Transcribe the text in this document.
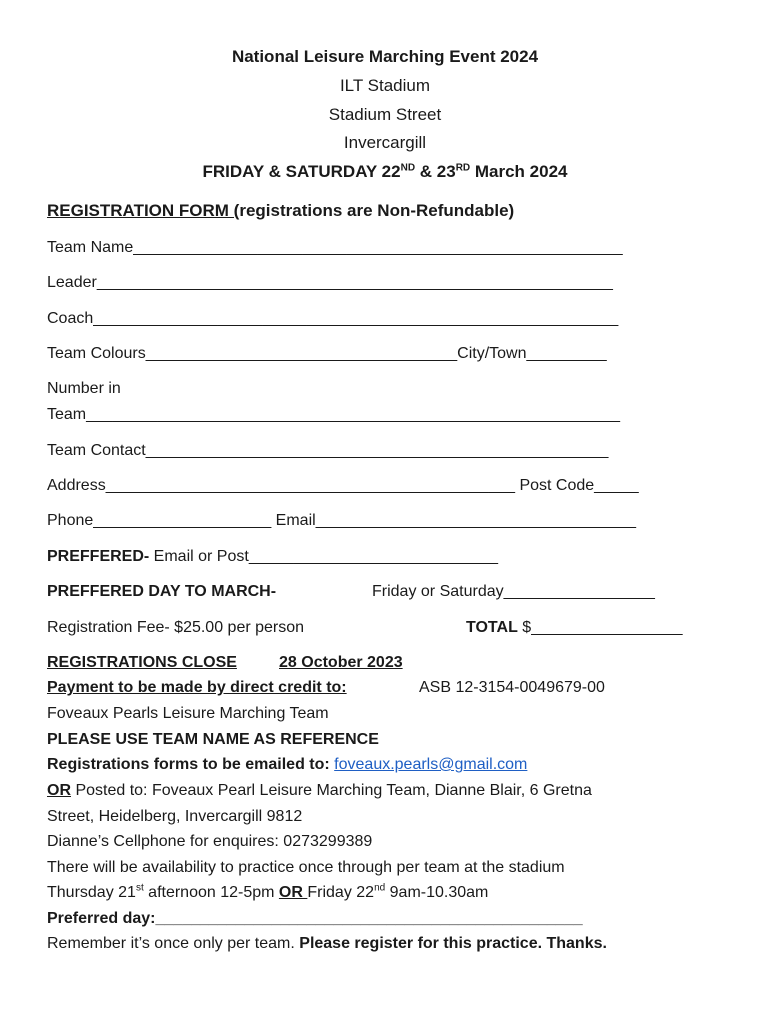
National Leisure Marching Event 2024
ILT Stadium
Stadium Street
Invercargill
FRIDAY & SATURDAY 22ND & 23RD March 2024
REGISTRATION FORM (registrations are Non-Refundable)
Team Name_______________________________________________________
Leader__________________________________________________________
Coach___________________________________________________________
Team Colours___________________________________City/Town_________
Number in
Team____________________________________________________________
Team Contact____________________________________________________
Address______________________________________________ Post Code_____
Phone____________________ Email____________________________________
PREFFERED- Email or Post____________________________
PREFFERED DAY TO MARCH-	Friday or Saturday_________________
Registration Fee- $25.00 per person	TOTAL $_________________
REGISTRATIONS CLOSE	28 October 2023
Payment to be made by direct credit to:	ASB 12-3154-0049679-00
Foveaux Pearls Leisure Marching Team
PLEASE USE TEAM NAME AS REFERENCE
Registrations forms to be emailed to: foveaux.pearls@gmail.com
OR Posted to: Foveaux Pearl Leisure Marching Team, Dianne Blair, 6 Gretna
Street, Heidelberg, Invercargill 9812
Dianne’s Cellphone for enquires: 0273299389
There will be availability to practice once through per team at the stadium
Thursday 21st afternoon 12-5pm OR Friday 22nd 9am-10.30am
Preferred day:________________________________________________
Remember it’s once only per team. Please register for this practice. Thanks.
